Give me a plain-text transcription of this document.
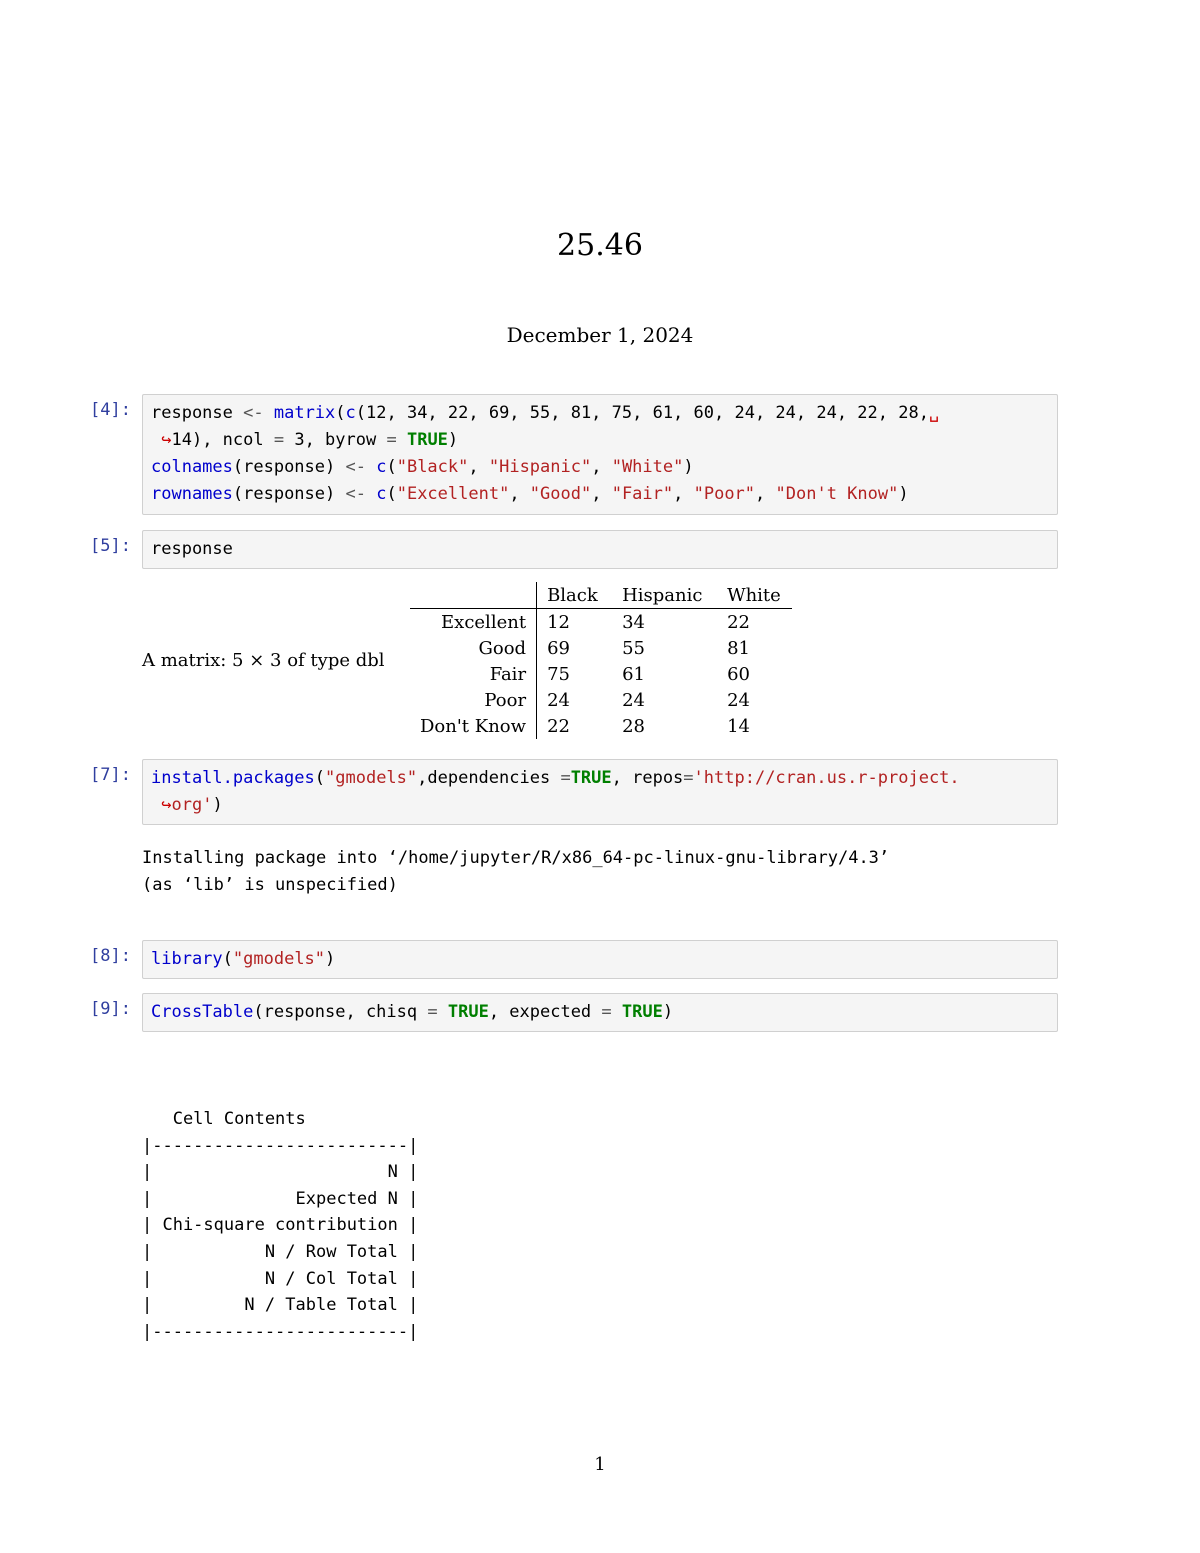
25.46
December 1, 2024
[4]:	response <- matrix(c(12, 34, 22, 69, 55, 81, 75, 61, 60, 24, 24, 24, 22, 28,␣
↪14), ncol = 3, byrow = TRUE)
colnames(response) <- c("Black", "Hispanic", "White")
rownames(response) <- c("Excellent", "Good", "Fair", "Poor", "Don't Know")
[5]:	response
A matrix: 5 × 3 of type dbl
	Black	Hispanic	White
Excellent	12	34	22
Good	69	55	81
Fair	75	61	60
Poor	24	24	24
Don't Know	22	28	14
[7]:	install.packages("gmodels",dependencies =TRUE, repos='http://cran.us.r-project.
↪org')
Installing package into ‘/home/jupyter/R/x86_64-pc-linux-gnu-library/4.3’
(as ‘lib’ is unspecified)
[8]:	library("gmodels")
[9]:	CrossTable(response, chisq = TRUE, expected = TRUE)
Cell Contents
|-------------------------|
|                       N |
|              Expected N |
| Chi-square contribution |
|           N / Row Total |
|           N / Col Total |
|         N / Table Total |
|-------------------------|
1
